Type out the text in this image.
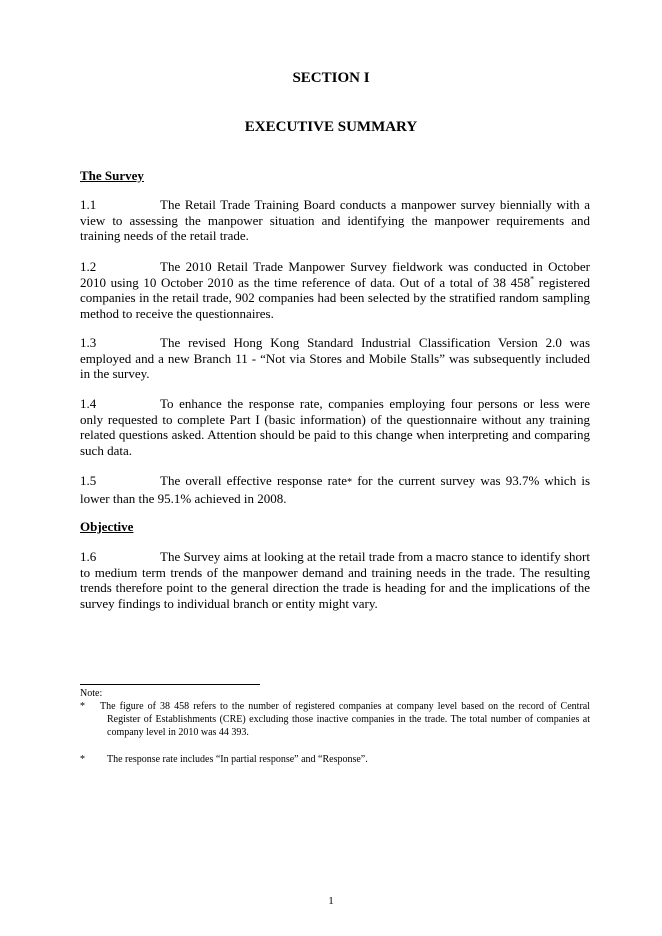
SECTION I
EXECUTIVE SUMMARY
The Survey

1.1	The Retail Trade Training Board conducts a manpower survey biennially with a view to assessing the manpower situation and identifying the manpower requirements and training needs of the retail trade.

1.2	The 2010 Retail Trade Manpower Survey fieldwork was conducted in October 2010 using 10 October 2010 as the time reference of data. Out of a total of 38 458* registered companies in the retail trade, 902 companies had been selected by the stratified random sampling method to receive the questionnaires.

1.3	The revised Hong Kong Standard Industrial Classification Version 2.0 was employed and a new Branch 11 - “Not via Stores and Mobile Stalls” was subsequently included in the survey.

1.4	To enhance the response rate, companies employing four persons or less were only requested to complete Part I (basic information) of the questionnaire without any training related questions asked. Attention should be paid to this change when interpreting and comparing such data.

1.5	The overall effective response rate* for the current survey was 93.7% which is lower than the 95.1% achieved in 2008.

Objective

1.6	The Survey aims at looking at the retail trade from a macro stance to identify short to medium term trends of the manpower demand and training needs in the trade. The resulting trends therefore point to the general direction the trade is heading for and the implications of the survey findings to individual branch or entity might vary.

Note:
* The figure of 38 458 refers to the number of registered companies at company level based on the record of Central Register of Establishments (CRE) excluding those inactive companies in the trade. The total number of companies at company level in 2010 was 44 393.
* The response rate includes “In partial response” and “Response”.
1
